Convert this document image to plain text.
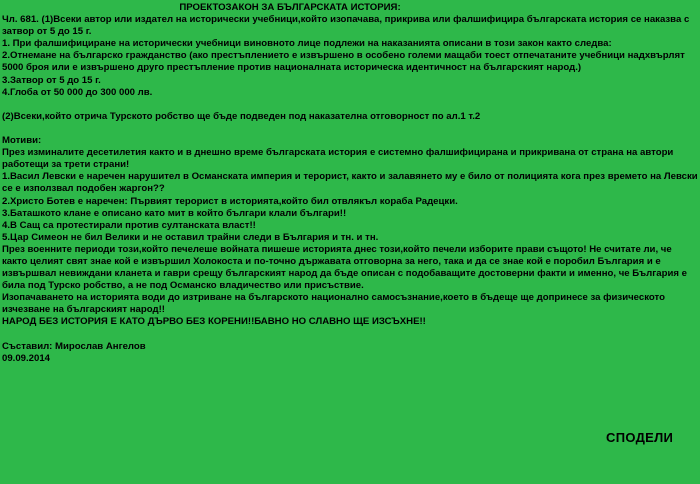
ПРОЕКТОЗАКОН ЗА БЪЛГАРСКАТА ИСТОРИЯ:

Чл. 681. (1)Всеки автор или издател на исторически учебници,който изопачава, прикрива или фалшифицира българската история се наказва с затвор от 5 до 15 г.

1. При фалшифициране на исторически учебници виновното лице подлежи на наказанията описани в този закон както следва:

2.Отнемане на българско гражданство (ако престъплението е извършено в особено големи мащаби тоест отпечатаните учебници надхвърлят 5000 броя или е извършено друго престъпление против националната историческа идентичност на българският народ.)

3.Затвор от 5 до 15 г.

4.Глоба от 50 000 до 300 000 лв.

(2)Всеки,който отрича Турското робство ще бъде подведен под наказателна отговорност по ал.1 т.2

Мотиви:

През изминалите десетилетия както и в днешно време българската история е системно фалшифицирана и прикривана от страна на автори работещи за трети страни!

1.Васил Левски е наречен нарушител в Османската империя и терорист, както и залавянето му е било от полицията кога през времето на Левски се е използвал подобен жаргон??

2.Христо Ботев е наречен: Първият терорист в историята,който бил отвлякъл кораба Радецки.

3.Баташкото клане е описано като мит в който българи клали българи!!

4.В Сащ са протестирали против султанската власт!!

5.Цар Симеон не бил Велики и не оставил трайни следи в България и тн. и тн.

През военните периоди този,който печелеше войната пишеше историята днес този,който печели изборите прави същото! Не считате ли, че както целият свят знае кой е извършил Холокоста и по-точно държавата отговорна за него, така и да се знае кой е поробил България и е извършвал невиждани кланета и гаври срещу българският народ да бъде описан с подобаващите достоверни факти и именно, че България е била под Турско робство, а не под Османско владичество или присъствие.

Изопачаването на историята води до изтриване на българското национално самосъзнание,което в бъдеще ще допринесе за физическото изчезване на българският народ!!

НАРОД БЕЗ ИСТОРИЯ Е КАТО ДЪРВО БЕЗ КОРЕНИ!!БАВНО НО СЛАВНО ЩЕ ИЗСЪХНЕ!!

Съставил: Мирослав Ангелов

09.09.2014

СПОДЕЛИ
